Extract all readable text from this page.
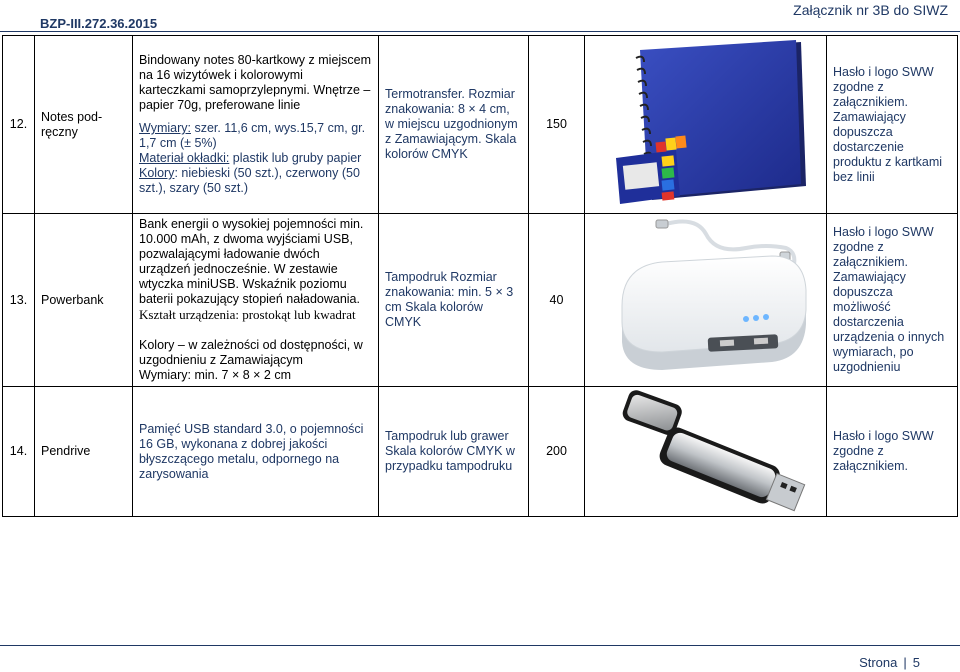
BZP-III.272.36.2015
Załącznik nr 3B do SIWZ
12.	Notes pod-ręczny	Bindowany notes 80-kartkowy z miejscem na 16 wizytówek i kolorowymi karteczkami samoprzylepnymi. Wnętrze – papier 70g, preferowane linie
Wymiary: szer. 11,6 cm, wys.15,7 cm, gr. 1,7 cm (± 5%)
Materiał okładki: plastik lub gruby papier
Kolory: niebieski (50 szt.), czerwony (50 szt.), szary (50 szt.)	Termotransfer. Rozmiar znakowania: 8 × 4 cm, w miejscu uzgodnionym z Zamawiającym. Skala kolorów CMYK	150		Hasło i logo SWW zgodne z załącznikiem. Zamawiający dopuszcza dostarczenie produktu z kartkami bez linii
13.	Powerbank	Bank energii o wysokiej pojemności min. 10.000 mAh, z dwoma wyjściami USB, pozwalającymi ładowanie dwóch urządzeń jednocześnie. W zestawie wtyczka miniUSB. Wskaźnik poziomu baterii pokazujący stopień naładowania.
Kształt urządzenia: prostokąt lub kwadrat
Kolory – w zależności od dostępności, w uzgodnieniu z Zamawiającym
Wymiary: min. 7 × 8 × 2 cm	Tampodruk Rozmiar znakowania: min. 5 × 3 cm Skala kolorów CMYK	40		Hasło i logo SWW zgodne z załącznikiem. Zamawiający dopuszcza możliwość dostarczenia urządzenia o innych wymiarach, po uzgodnieniu
14.	Pendrive	Pamięć USB standard 3.0, o pojemności 16 GB, wykonana z dobrej jakości błyszczącego metalu, odpornego na zarysowania	Tampodruk lub grawer Skala kolorów CMYK w przypadku tampodruku	200		Hasło i logo SWW zgodne z załącznikiem.
Strona | 5
